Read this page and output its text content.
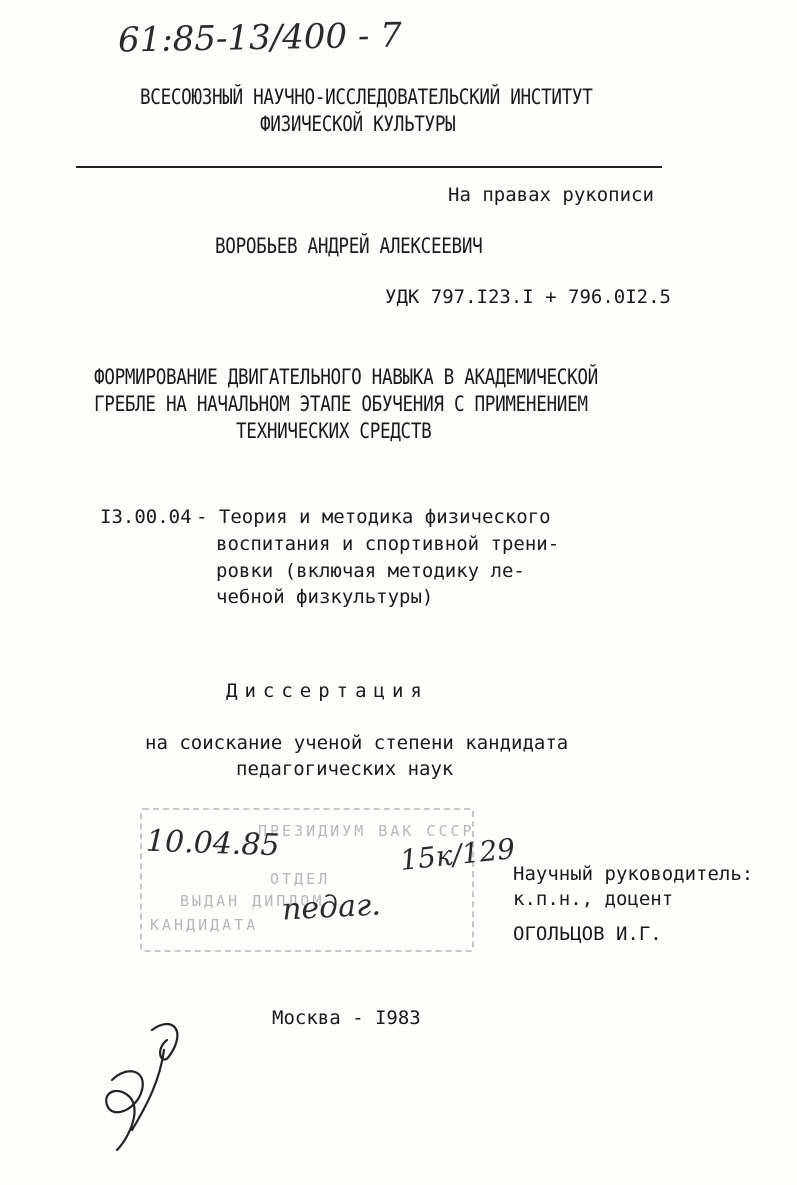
61:85-13/400 - 7
ВСЕСОЮЗНЫЙ НАУЧНО-ИССЛЕДОВАТЕЛЬСКИЙ ИНСТИТУТ
ФИЗИЧЕСКОЙ КУЛЬТУРЫ
На правах рукописи
ВОРОБЬЕВ АНДРЕЙ АЛЕКСЕЕВИЧ
УДК 797.I23.I + 796.0I2.5
ФОРМИРОВАНИЕ ДВИГАТЕЛЬНОГО НАВЫКА В АКАДЕМИЧЕСКОЙ
ГРЕБЛЕ НА НАЧАЛЬНОМ ЭТАПЕ ОБУЧЕНИЯ С ПРИМЕНЕНИЕМ
ТЕХНИЧЕСКИХ СРЕДСТВ
I3.00.04 - Теория и методика физического
воспитания и спортивной трени-
ровки (включая методику ле-
чебной физкультуры)
Диссертация
на соискание ученой степени кандидата
педагогических наук
ПРЕЗИДИУМ ВАК СССР
ОТДЕЛ
ВЫДАН ДИПЛОМ
КАНДИДАТА
10.04.85	15к/129
педаг.
Научный руководитель:
к.п.н., доцент
ОГОЛЬЦОВ И.Г.
Москва - I983
